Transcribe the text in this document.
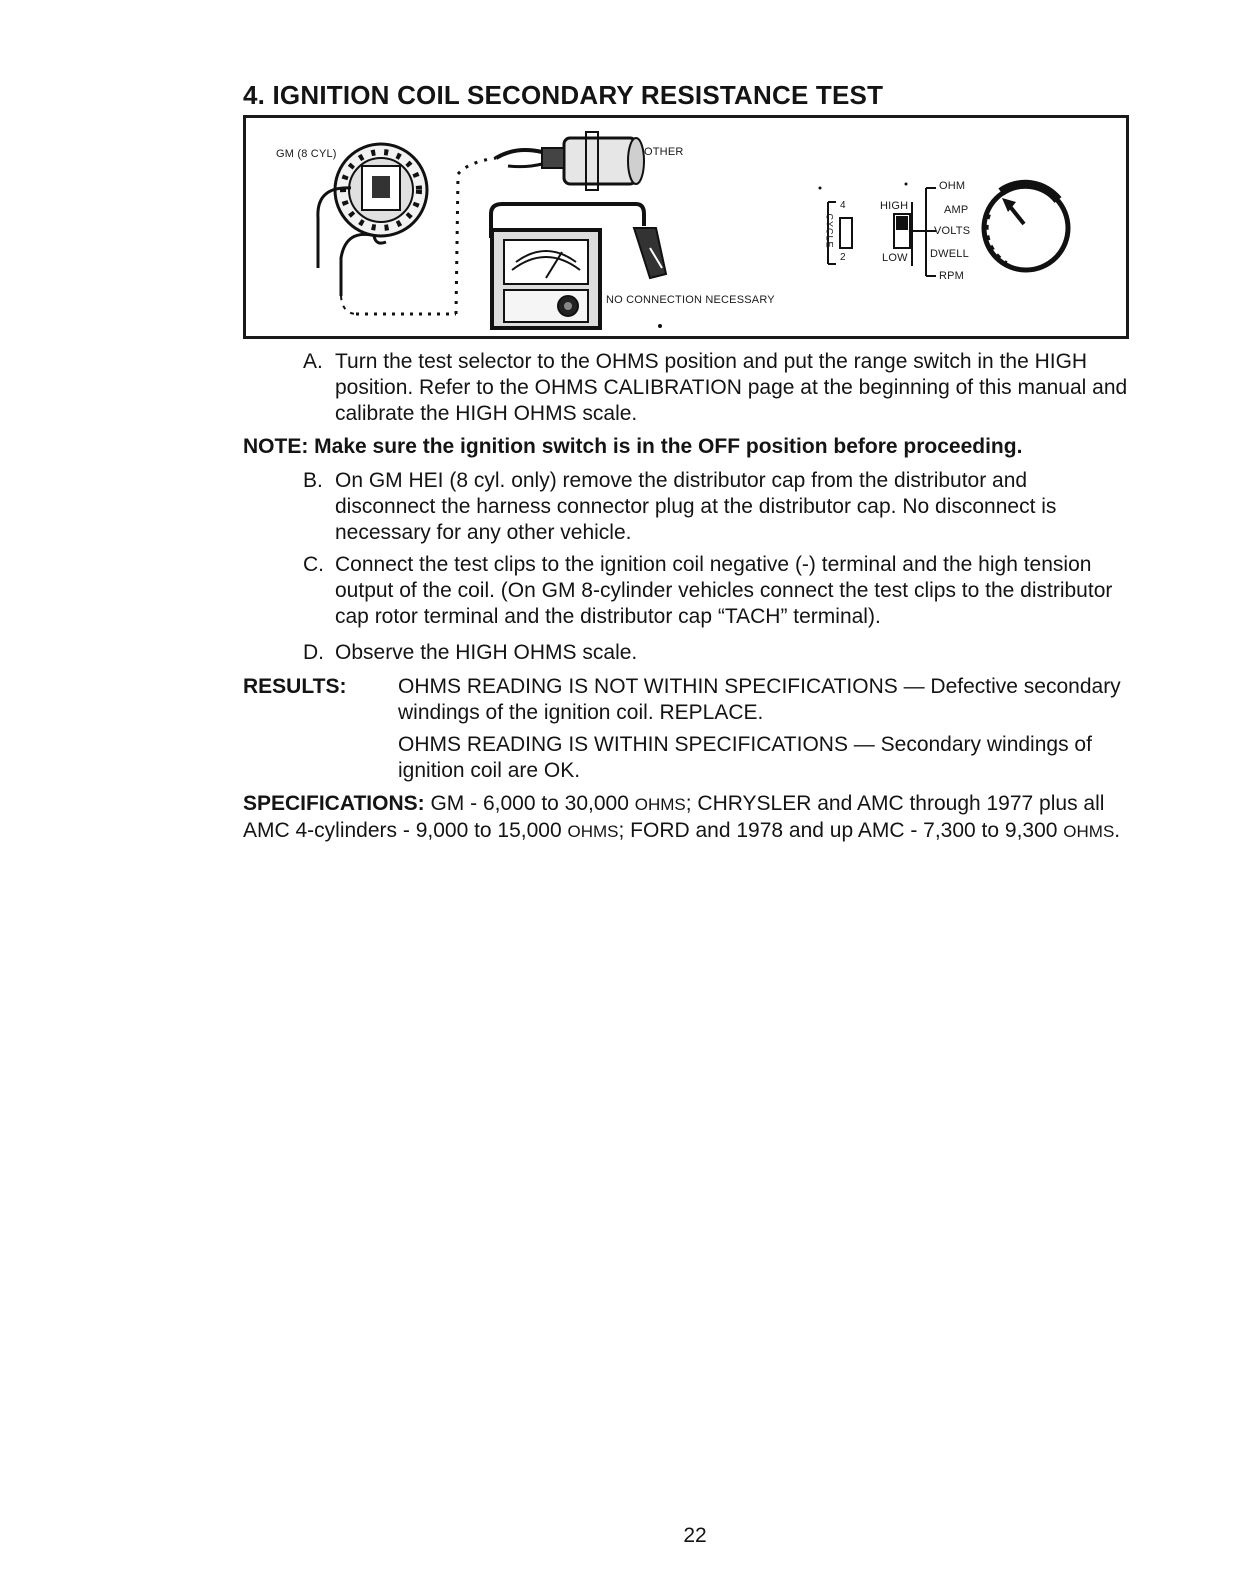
4. IGNITION COIL SECONDARY RESISTANCE TEST
GM (8 CYL)	OTHER
NO CONNECTION NECESSARY
CYCLE
4
2
HIGH
LOW
OHM
AMP
VOLTS
DWELL
RPM
A. Turn the test selector to the OHMS position and put the range switch in the HIGH position. Refer to the OHMS CALIBRATION page at the beginning of this manual and calibrate the HIGH OHMS scale.
NOTE: Make sure the ignition switch is in the OFF position before proceeding.
B. On GM HEI (8 cyl. only) remove the distributor cap from the distributor and disconnect the harness connector plug at the distributor cap. No disconnect is necessary for any other vehicle.
C. Connect the test clips to the ignition coil negative (-) terminal and the high tension output of the coil. (On GM 8-cylinder vehicles connect the test clips to the distributor cap rotor terminal and the distributor cap “TACH” terminal).
D. Observe the HIGH OHMS scale.
RESULTS: OHMS READING IS NOT WITHIN SPECIFICATIONS — Defective secondary windings of the ignition coil. REPLACE.
OHMS READING IS WITHIN SPECIFICATIONS — Secondary windings of ignition coil are OK.
SPECIFICATIONS: GM - 6,000 to 30,000 OHMS; CHRYSLER and AMC through 1977 plus all AMC 4-cylinders - 9,000 to 15,000 OHMS; FORD and 1978 and up AMC - 7,300 to 9,300 OHMS.
22
